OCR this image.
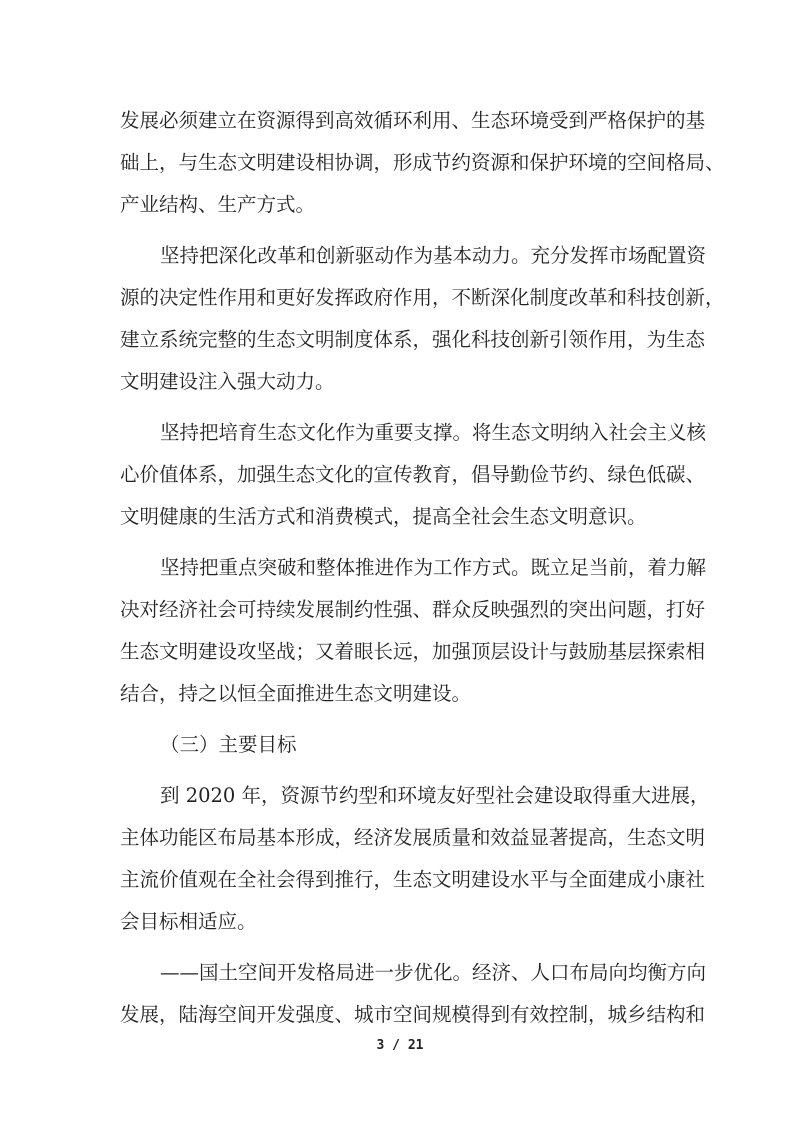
发展必须建立在资源得到高效循环利用、生态环境受到严格保护的基
础上，与生态文明建设相协调，形成节约资源和保护环境的空间格局、
产业结构、生产方式。
坚持把深化改革和创新驱动作为基本动力。充分发挥市场配置资
源的决定性作用和更好发挥政府作用，不断深化制度改革和科技创新，
建立系统完整的生态文明制度体系，强化科技创新引领作用，为生态
文明建设注入强大动力。
坚持把培育生态文化作为重要支撑。将生态文明纳入社会主义核
心价值体系，加强生态文化的宣传教育，倡导勤俭节约、绿色低碳、
文明健康的生活方式和消费模式，提高全社会生态文明意识。
坚持把重点突破和整体推进作为工作方式。既立足当前，着力解
决对经济社会可持续发展制约性强、群众反映强烈的突出问题，打好
生态文明建设攻坚战；又着眼长远，加强顶层设计与鼓励基层探索相
结合，持之以恒全面推进生态文明建设。
（三）主要目标
到 2020 年，资源节约型和环境友好型社会建设取得重大进展，
主体功能区布局基本形成，经济发展质量和效益显著提高，生态文明
主流价值观在全社会得到推行，生态文明建设水平与全面建成小康社
会目标相适应。
——国土空间开发格局进一步优化。经济、人口布局向均衡方向
发展，陆海空间开发强度、城市空间规模得到有效控制，城乡结构和
3 / 21
